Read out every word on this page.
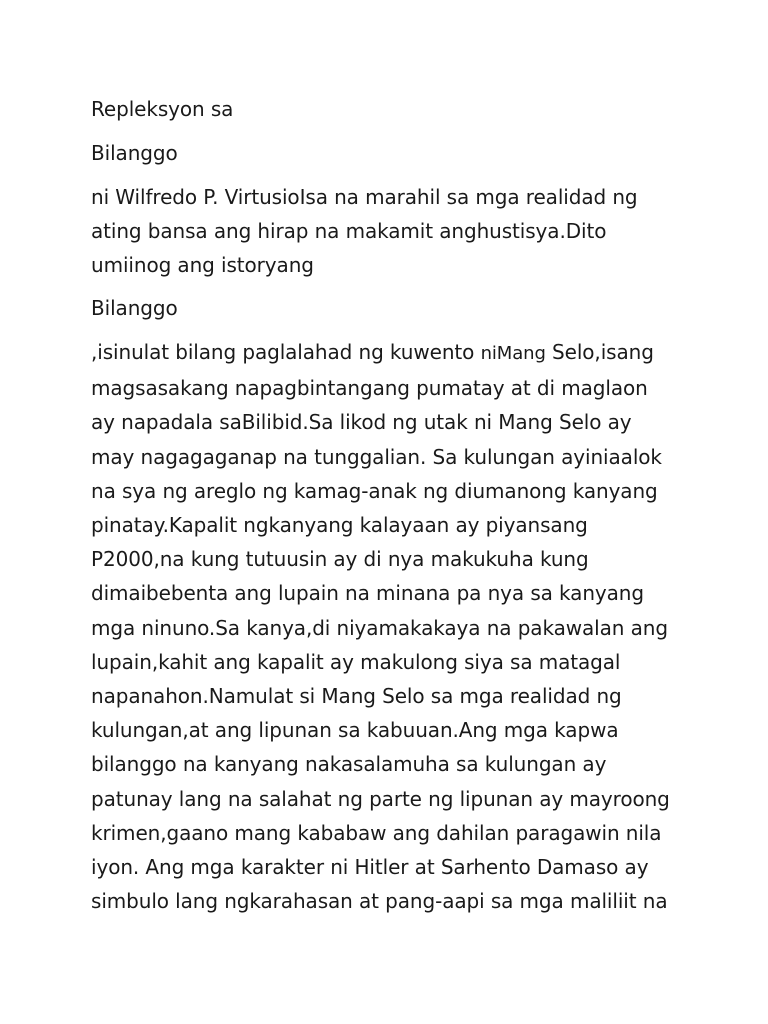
Repleksyon sa

Bilanggo

ni Wilfredo P. VirtusioIsa na marahil sa mga realidad ng
ating bansa ang hirap na makamit anghustisya.Dito
umiinog ang istoryang

Bilanggo

,isinulat bilang paglalahad ng kuwento niMang Selo,isang
magsasakang napagbintangang pumatay at di maglaon
ay napadala saBilibid.Sa likod ng utak ni Mang Selo ay
may nagagaganap na tunggalian. Sa kulungan ayiniaalok
na sya ng areglo ng kamag-anak ng diumanong kanyang
pinatay.Kapalit ngkanyang kalayaan ay piyansang
P2000,na kung tutuusin ay di nya makukuha kung
dimaibebenta ang lupain na minana pa nya sa kanyang
mga ninuno.Sa kanya,di niyamakakaya na pakawalan ang
lupain,kahit ang kapalit ay makulong siya sa matagal
napanahon.Namulat si Mang Selo sa mga realidad ng
kulungan,at ang lipunan sa kabuuan.Ang mga kapwa
bilanggo na kanyang nakasalamuha sa kulungan ay
patunay lang na salahat ng parte ng lipunan ay mayroong
krimen,gaano mang kababaw ang dahilan paragawin nila
iyon. Ang mga karakter ni Hitler at Sarhento Damaso ay
simbulo lang ngkarahasan at pang-aapi sa mga maliliit na
